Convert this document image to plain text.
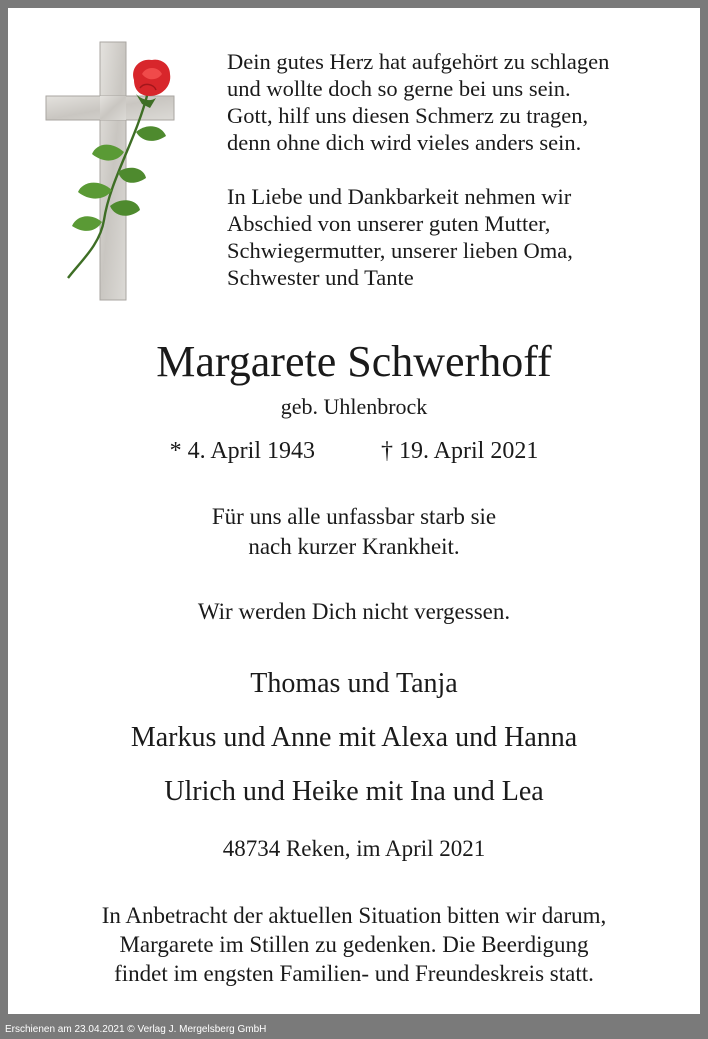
Dein gutes Herz hat aufgehört zu schlagen

und wollte doch so gerne bei uns sein.

Gott, hilf uns diesen Schmerz zu tragen,

denn ohne dich wird vieles anders sein.

In Liebe und Dankbarkeit nehmen wir

Abschied von unserer guten Mutter,

Schwiegermutter, unserer lieben Oma,

Schwester und Tante

Margarete Schwerhoff
geb. Uhlenbrock
* 4. April 1943	† 19. April 2021
Für uns alle unfassbar starb sie
nach kurzer Krankheit.
Wir werden Dich nicht vergessen.
Thomas und Tanja
Markus und Anne mit Alexa und Hanna
Ulrich und Heike mit Ina und Lea
48734 Reken, im April 2021
In Anbetracht der aktuellen Situation bitten wir darum,
Margarete im Stillen zu gedenken. Die Beerdigung
findet im engsten Familien- und Freundeskreis statt.
Erschienen am 23.04.2021 © Verlag J. Mergelsberg GmbH
